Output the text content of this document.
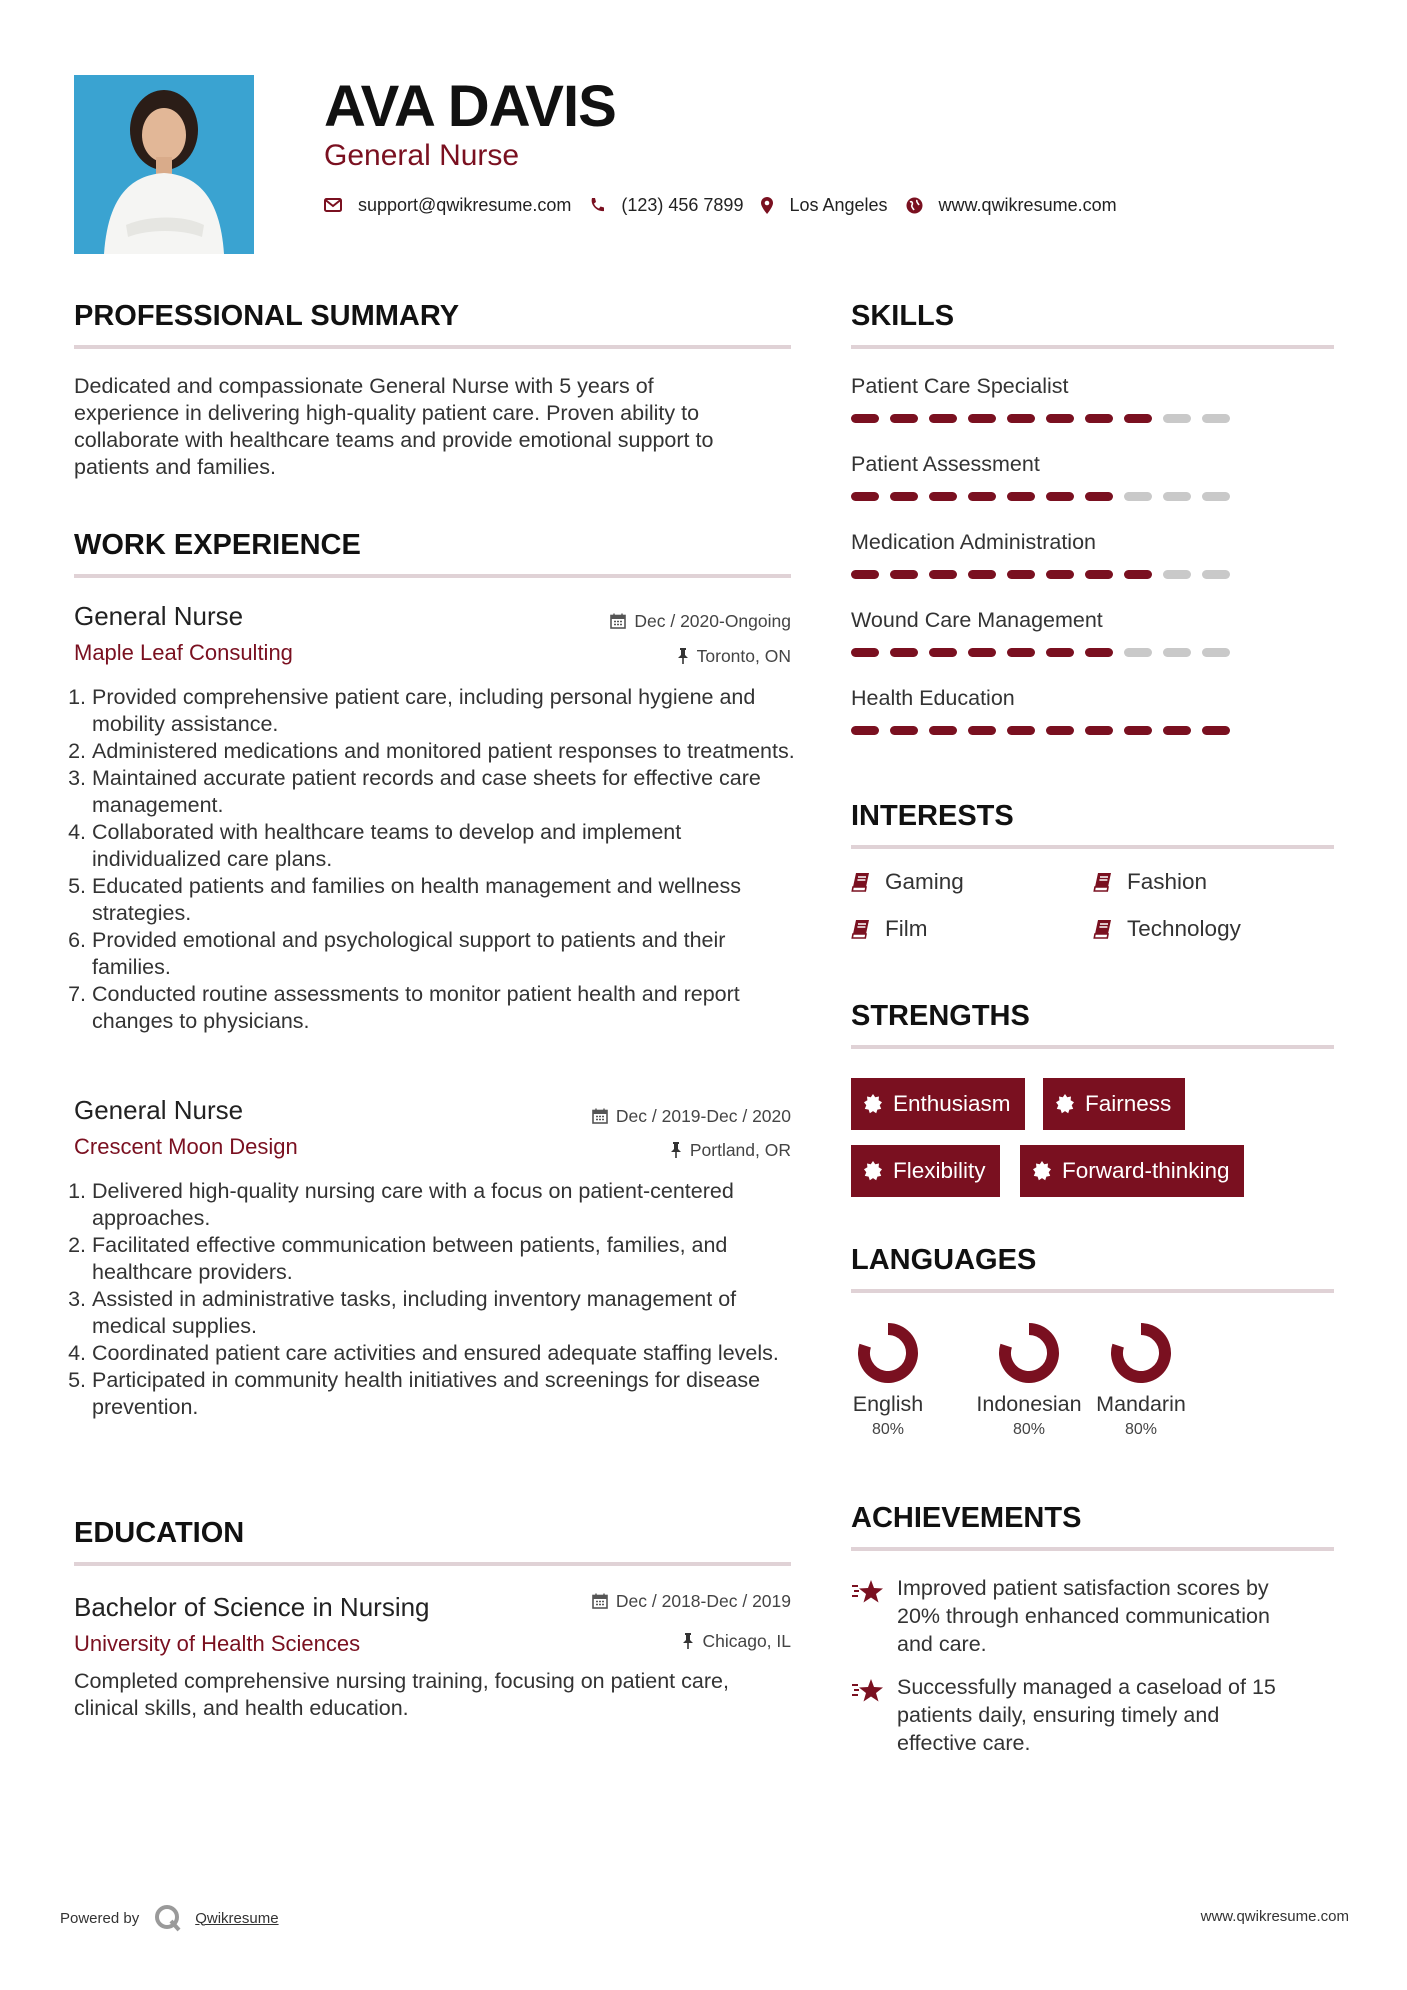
AVA DAVIS
General Nurse
support@qwikresume.com	(123) 456 7899	Los Angeles	www.qwikresume.com
PROFESSIONAL SUMMARY
Dedicated and compassionate General Nurse with 5 years of
experience in delivering high-quality patient care. Proven ability to
collaborate with healthcare teams and provide emotional support to
patients and families.
WORK EXPERIENCE
General Nurse	Dec / 2020-Ongoing
Maple Leaf Consulting	Toronto, ON
1. Provided comprehensive patient care, including personal hygiene and mobility assistance.
2. Administered medications and monitored patient responses to treatments.
3. Maintained accurate patient records and case sheets for effective care management.
4. Collaborated with healthcare teams to develop and implement individualized care plans.
5. Educated patients and families on health management and wellness strategies.
6. Provided emotional and psychological support to patients and their families.
7. Conducted routine assessments to monitor patient health and report changes to physicians.
General Nurse	Dec / 2019-Dec / 2020
Crescent Moon Design	Portland, OR
1. Delivered high-quality nursing care with a focus on patient-centered approaches.
2. Facilitated effective communication between patients, families, and healthcare providers.
3. Assisted in administrative tasks, including inventory management of medical supplies.
4. Coordinated patient care activities and ensured adequate staffing levels.
5. Participated in community health initiatives and screenings for disease prevention.
EDUCATION
Bachelor of Science in Nursing	Dec / 2018-Dec / 2019
University of Health Sciences	Chicago, IL
Completed comprehensive nursing training, focusing on patient care,
clinical skills, and health education.
SKILLS
Patient Care Specialist
Patient Assessment
Medication Administration
Wound Care Management
Health Education
INTERESTS
Gaming	Fashion
Film	Technology
STRENGTHS
Enthusiasm	Fairness
Flexibility	Forward-thinking
LANGUAGES
English
80%
Indonesian
80%
Mandarin
80%
ACHIEVEMENTS
Improved patient satisfaction scores by
20% through enhanced communication
and care.
Successfully managed a caseload of 15
patients daily, ensuring timely and
effective care.
Powered by	Qwikresume	www.qwikresume.com
